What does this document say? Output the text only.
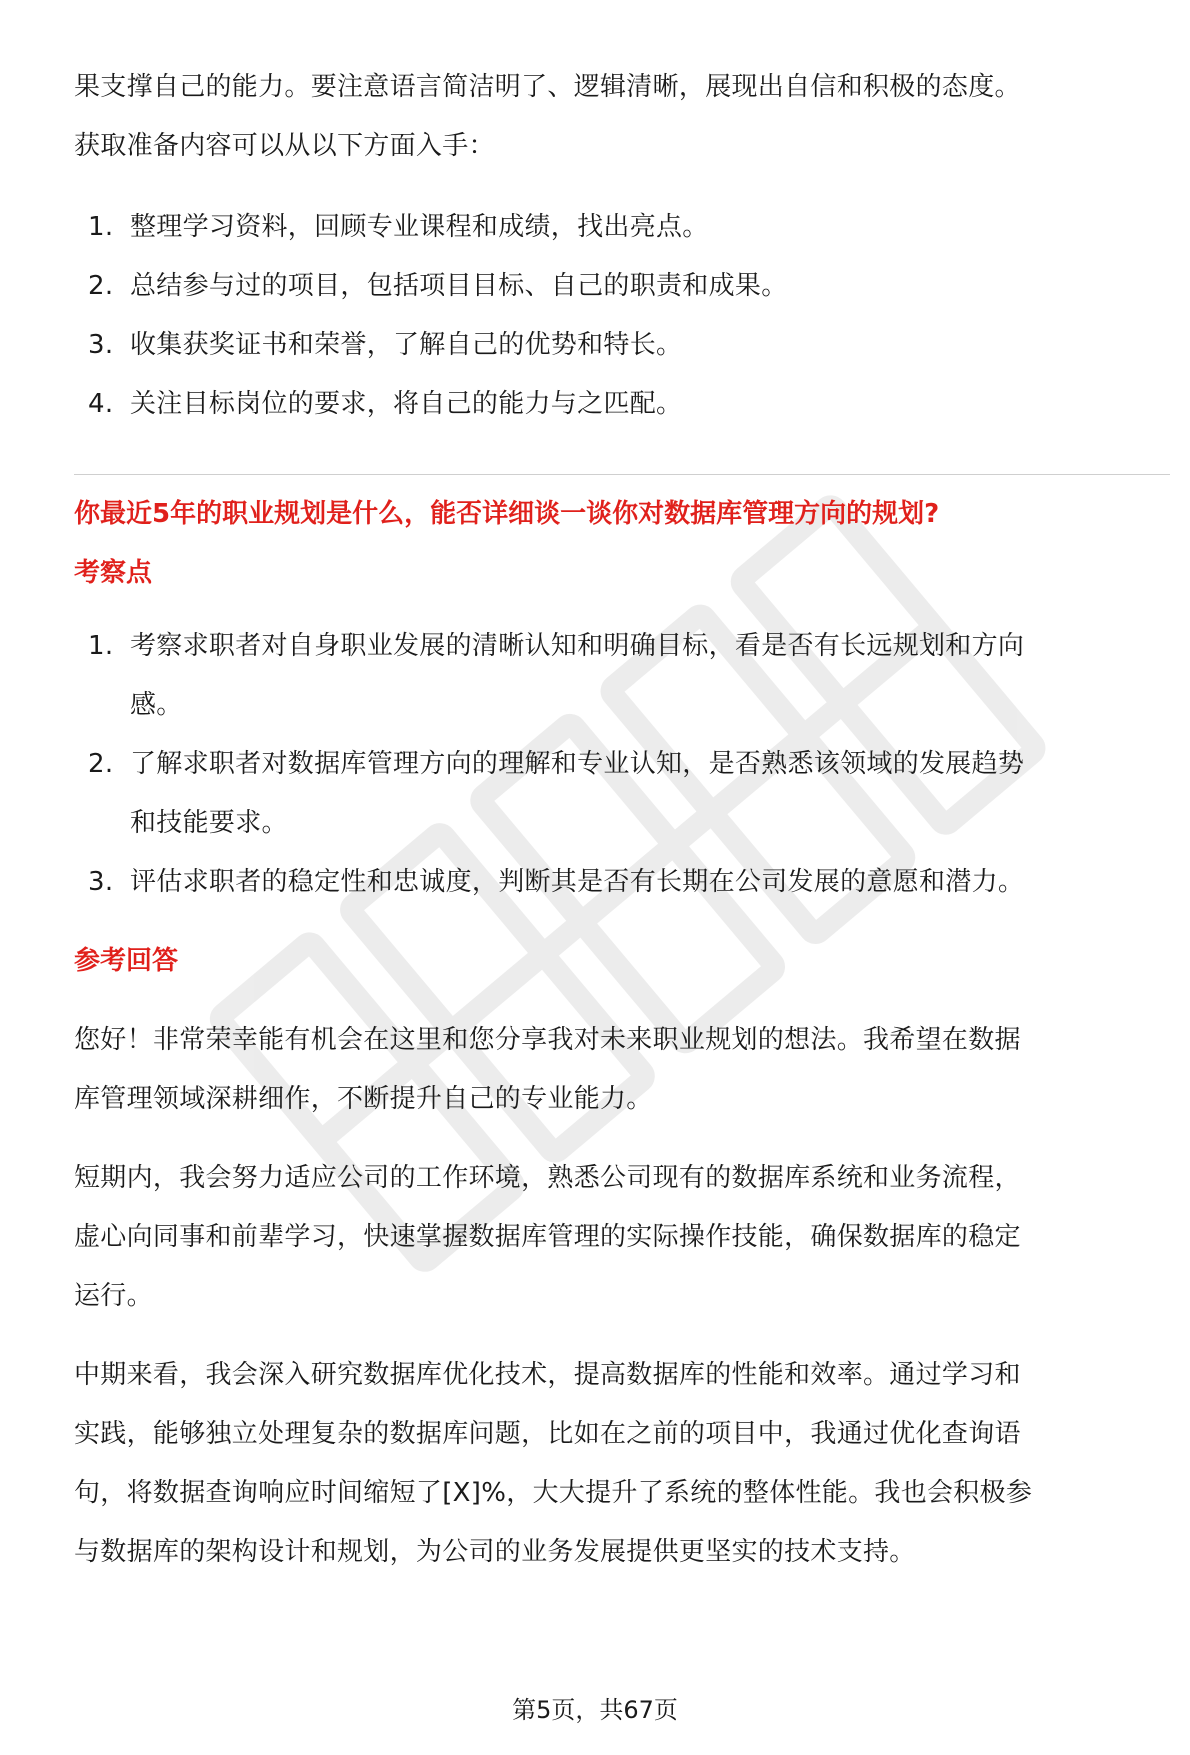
果支撑自己的能力。要注意语言简洁明了、逻辑清晰，展现出自信和积极的态度。

获取准备内容可以从以下方面入手：

1. 整理学习资料，回顾专业课程和成绩，找出亮点。
2. 总结参与过的项目，包括项目目标、自己的职责和成果。
3. 收集获奖证书和荣誉，了解自己的优势和特长。
4. 关注目标岗位的要求，将自己的能力与之匹配。

你最近5年的职业规划是什么，能否详细谈一谈你对数据库管理方向的规划?

考察点

1. 考察求职者对自身职业发展的清晰认知和明确目标，看是否有长远规划和方向
感。
2. 了解求职者对数据库管理方向的理解和专业认知，是否熟悉该领域的发展趋势
和技能要求。
3. 评估求职者的稳定性和忠诚度，判断其是否有长期在公司发展的意愿和潜力。

参考回答

您好！非常荣幸能有机会在这里和您分享我对未来职业规划的想法。我希望在数据

库管理领域深耕细作，不断提升自己的专业能力。

短期内，我会努力适应公司的工作环境，熟悉公司现有的数据库系统和业务流程，

虚心向同事和前辈学习，快速掌握数据库管理的实际操作技能，确保数据库的稳定

运行。

中期来看，我会深入研究数据库优化技术，提高数据库的性能和效率。通过学习和

实践，能够独立处理复杂的数据库问题，比如在之前的项目中，我通过优化查询语

句，将数据查询响应时间缩短了[X]%，大大提升了系统的整体性能。我也会积极参

与数据库的架构设计和规划，为公司的业务发展提供更坚实的技术支持。

第5页，共67页
